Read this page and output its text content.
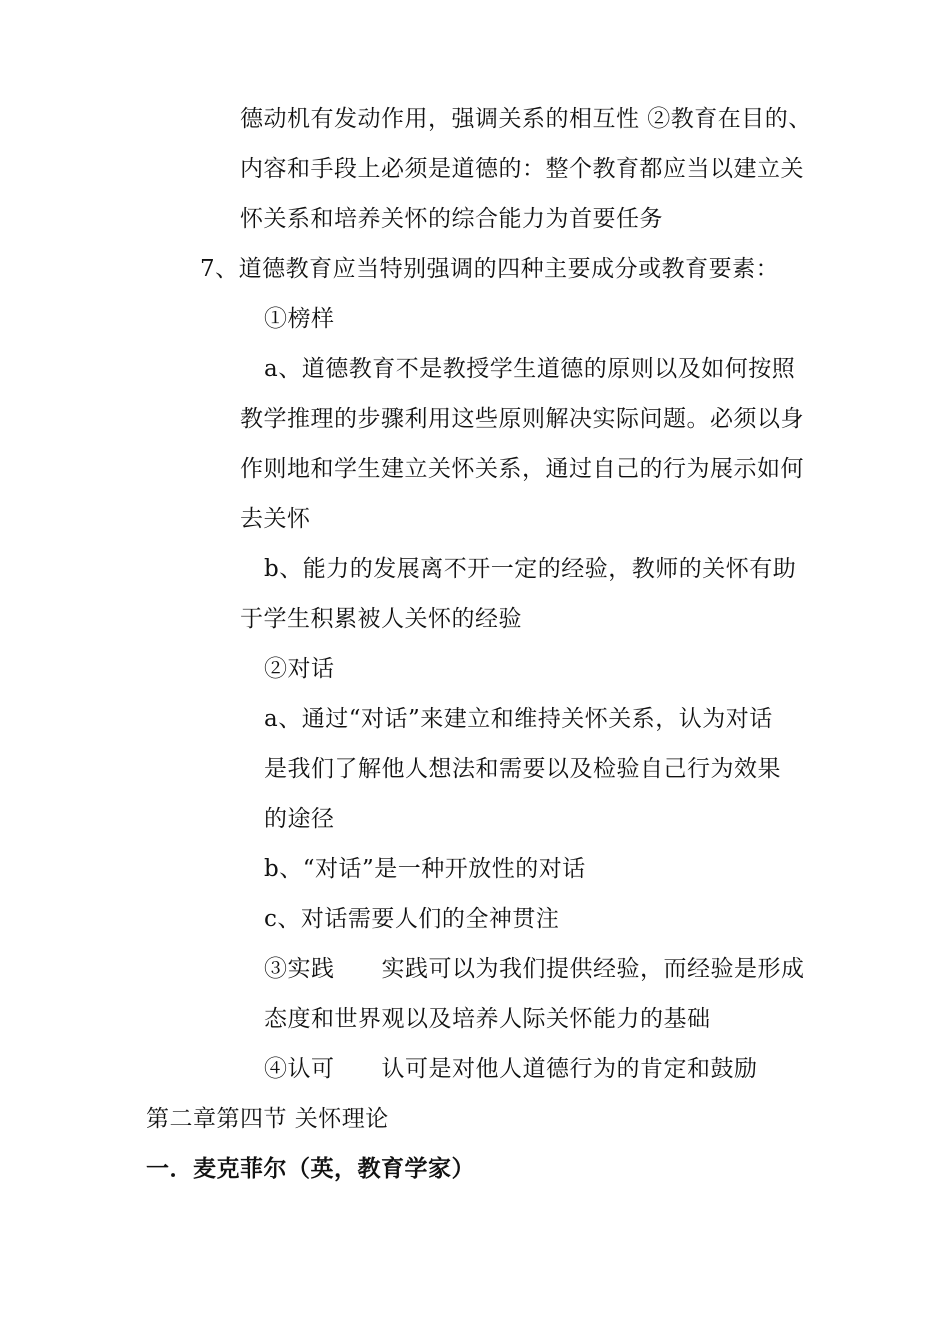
德动机有发动作用，强调关系的相互性 ②教育在目的、
内容和手段上必须是道德的：整个教育都应当以建立关
怀关系和培养关怀的综合能力为首要任务
7、道德教育应当特别强调的四种主要成分或教育要素：
①榜样
a、道德教育不是教授学生道德的原则以及如何按照
教学推理的步骤利用这些原则解决实际问题。必须以身
作则地和学生建立关怀关系，通过自己的行为展示如何
去关怀
b、能力的发展离不开一定的经验，教师的关怀有助
于学生积累被人关怀的经验
②对话
a、通过“对话”来建立和维持关怀关系，认为对话
是我们了解他人想法和需要以及检验自己行为效果
的途径
b、“对话”是一种开放性的对话
c、对话需要人们的全神贯注
③实践　　实践可以为我们提供经验，而经验是形成
态度和世界观以及培养人际关怀能力的基础
④认可　　认可是对他人道德行为的肯定和鼓励
第二章第四节 关怀理论
一．麦克菲尔（英，教育学家）
